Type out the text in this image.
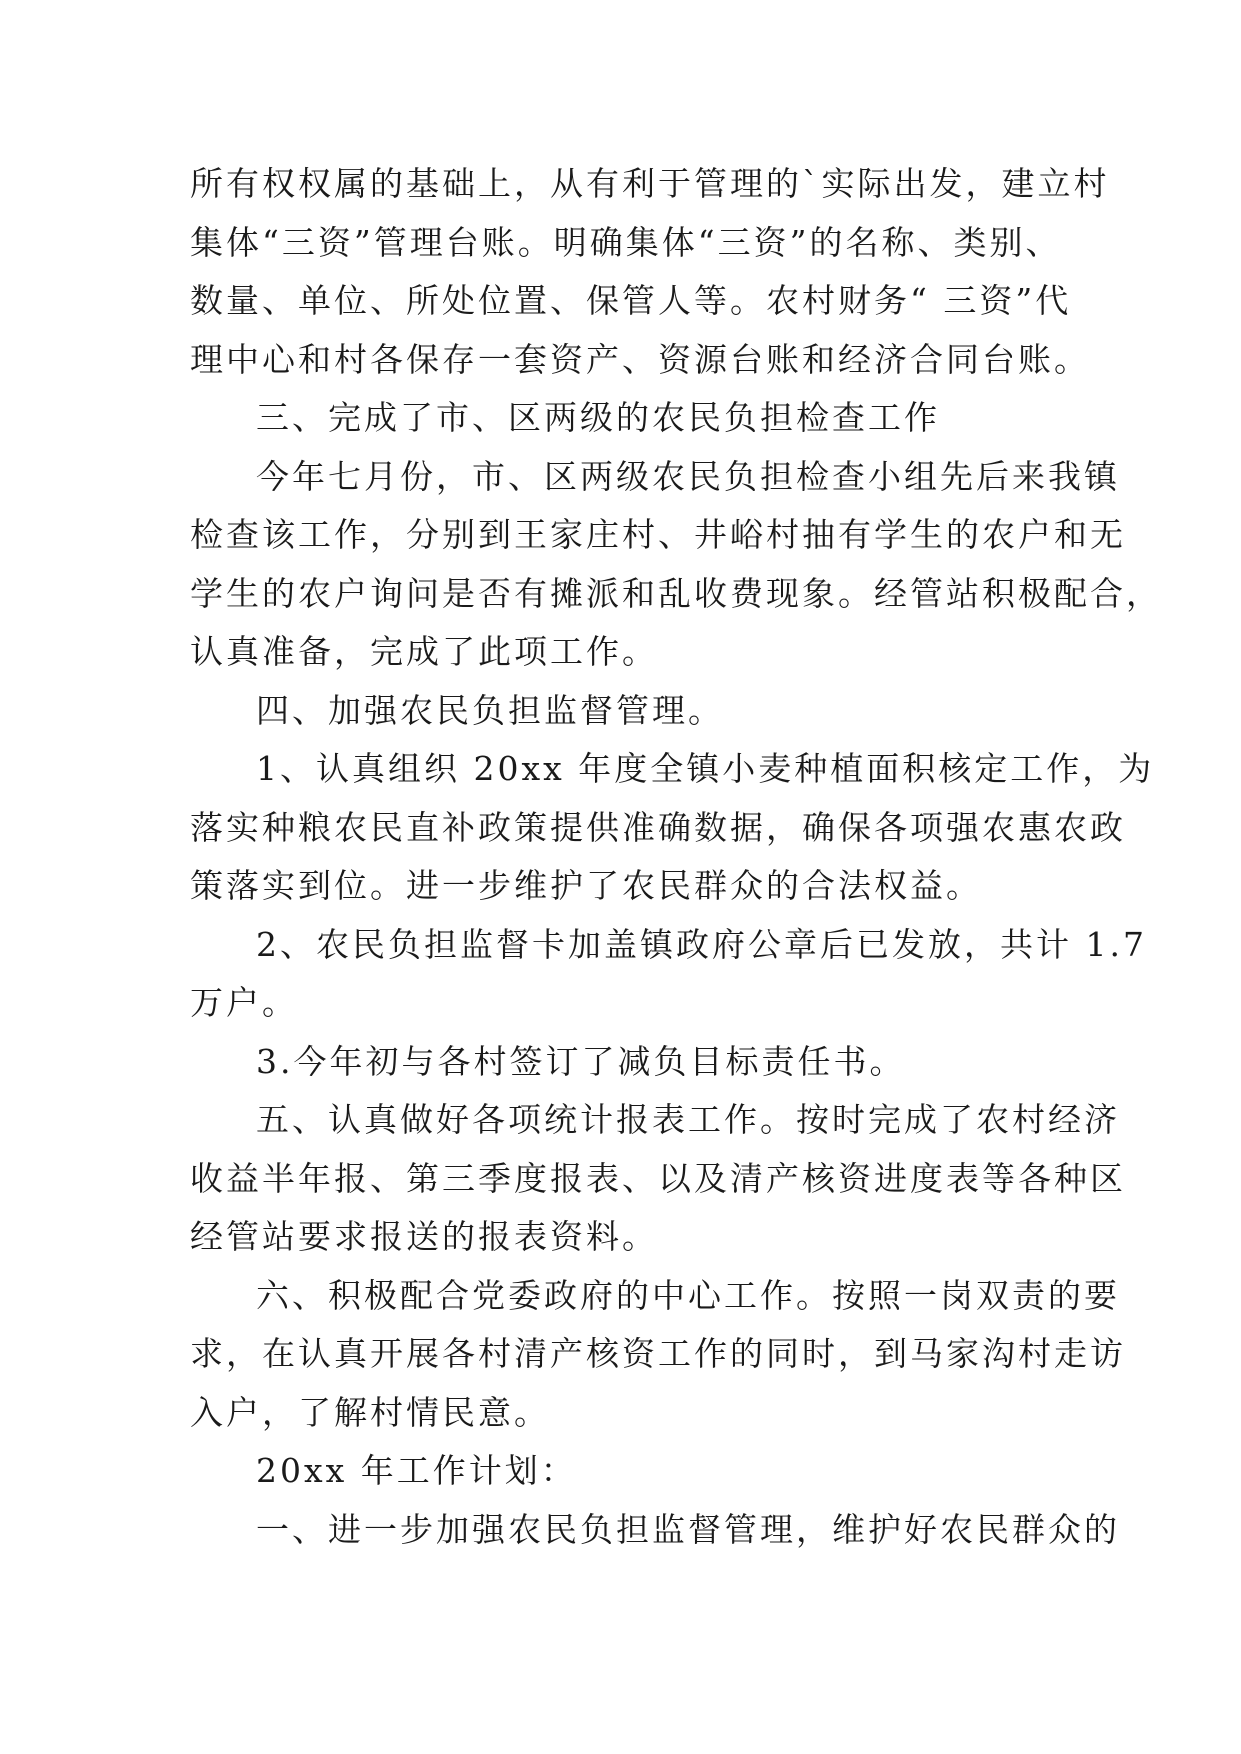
所有权权属的基础上，从有利于管理的`实际出发，建立村

集体“三资”管理台账。明确集体“三资”的名称、类别、

数量、单位、所处位置、保管人等。农村财务“ 三资”代

理中心和村各保存一套资产、资源台账和经济合同台账。

三、完成了市、区两级的农民负担检查工作

今年七月份，市、区两级农民负担检查小组先后来我镇

检查该工作，分别到王家庄村、井峪村抽有学生的农户和无

学生的农户询问是否有摊派和乱收费现象。经管站积极配合，

认真准备，完成了此项工作。

四、加强农民负担监督管理。

1、认真组织 20xx 年度全镇小麦种植面积核定工作，为

落实种粮农民直补政策提供准确数据，确保各项强农惠农政

策落实到位。进一步维护了农民群众的合法权益。

2、农民负担监督卡加盖镇政府公章后已发放，共计 1.7

万户。

3.今年初与各村签订了减负目标责任书。

五、认真做好各项统计报表工作。按时完成了农村经济

收益半年报、第三季度报表、以及清产核资进度表等各种区

经管站要求报送的报表资料。

六、积极配合党委政府的中心工作。按照一岗双责的要

求，在认真开展各村清产核资工作的同时，到马家沟村走访

入户，了解村情民意。

20xx 年工作计划：

一、进一步加强农民负担监督管理，维护好农民群众的
